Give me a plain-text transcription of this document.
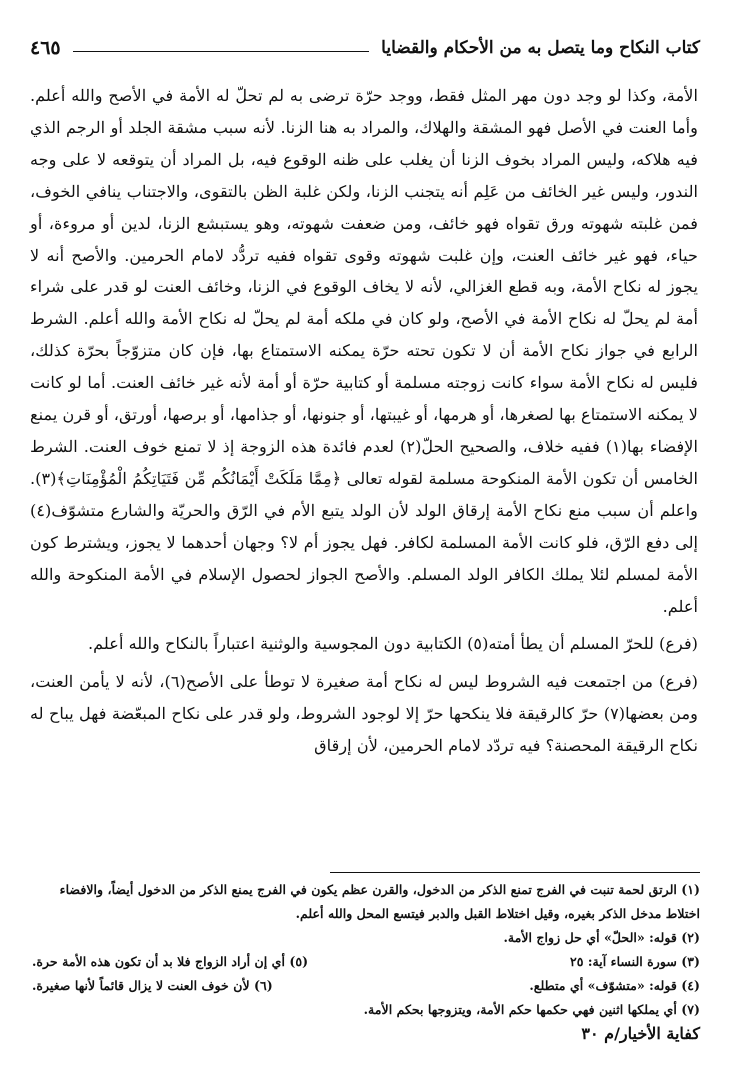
كتاب النكاح وما يتصل به من الأحكام والقضايا
٤٦٥

الأمة، وكذا لو وجد دون مهر المثل فقط، ووجد حرّة ترضى به لم تحلّ له الأمة في الأصح والله أعلم. وأما العنت في الأصل فهو المشقة والهلاك، والمراد به هنا الزنا. لأنه سبب مشقة الجلد أو الرجم الذي فيه هلاكه، وليس المراد بخوف الزنا أن يغلب على ظنه الوقوع فيه، بل المراد أن يتوقعه لا على وجه الندور، وليس غير الخائف من عَلِم أنه يتجنب الزنا، ولكن غلبة الظن بالتقوى، والاجتناب ينافي الخوف، فمن غلبته شهوته ورق تقواه فهو خائف، ومن ضعفت شهوته، وهو يستبشع الزنا، لدين أو مروءة، أو حياء، فهو غير خائف العنت، وإن غلبت شهوته وقوى تقواه ففيه تردُّد لامام الحرمين. والأصح أنه لا يجوز له نكاح الأمة، وبه قطع الغزالي، لأنه لا يخاف الوقوع في الزنا، وخائف العنت لو قدر على شراء أمة لم يحلّ له نكاح الأمة في الأصح، ولو كان في ملكه أمة لم يحلّ له نكاح الأمة والله أعلم. الشرط الرابع في جواز نكاح الأمة أن لا تكون تحته حرّة يمكنه الاستمتاع بها، فإن كان متزوّجاً بحرّة كذلك، فليس له نكاح الأمة سواء كانت زوجته مسلمة أو كتابية حرّة أو أمة لأنه غير خائف العنت. أما لو كانت لا يمكنه الاستمتاع بها لصغرها، أو هرمها، أو غيبتها، أو جنونها، أو جذامها، أو برصها، أورتق، أو قرن يمنع الإفضاء بها(١) ففيه خلاف، والصحيح الحلّ(٢) لعدم فائدة هذه الزوجة إذ لا تمنع خوف العنت. الشرط الخامس أن تكون الأمة المنكوحة مسلمة لقوله تعالى ﴿مِمَّا مَلَكَتْ أَيْمَانُكُم مِّن فَتَيَاتِكُمُ الْمُؤْمِنَاتِ﴾(٣). واعلم أن سبب منع نكاح الأمة إرقاق الولد لأن الولد يتبع الأم في الرّق والحريّة والشارع متشوّف(٤) إلى دفع الرّق، فلو كانت الأمة المسلمة لكافر. فهل يجوز أم لا؟ وجهان أحدهما لا يجوز، ويشترط كون الأمة لمسلم لئلا يملك الكافر الولد المسلم. والأصح الجواز لحصول الإسلام في الأمة المنكوحة والله أعلم.

(فرع) للحرّ المسلم أن يطأ أمته(٥) الكتابية دون المجوسية والوثنية اعتباراً بالنكاح والله أعلم.

(فرع) من اجتمعت فيه الشروط ليس له نكاح أمة صغيرة لا توطأ على الأصح(٦)، لأنه لا يأمن العنت، ومن بعضها(٧) حرّ كالرقيقة فلا ينكحها حرّ إلا لوجود الشروط، ولو قدر على نكاح المبعّضة فهل يباح له نكاح الرقيقة المحصنة؟ فيه تردّد لامام الحرمين، لأن إرقاق

(١) الرتق لحمة تنبت في الفرج تمنع الذكر من الدخول، والقرن عظم يكون في الفرج يمنع الذكر من الدخول أيضاً، والافضاء اختلاط مدخل الذكر بغيره، وقيل اختلاط القبل والدبر فيتسع المحل والله أعلم.

(٢) قوله: «الحلّ» أي حل زواج الأمة.

(٣) سورة النساء آية: ٢٥
(٥) أي إن أراد الزواج فلا بد أن تكون هذه الأمة حرة.
(٤) قوله: «متشوّف» أي متطلع.
(٦) لأن خوف العنت لا يزال قائماً لأنها صغيرة.

(٧) أي يملكها اثنين فهي حكمها حكم الأمة، ويتزوجها بحكم الأمة.

كفاية الأخيار/م ٣٠
